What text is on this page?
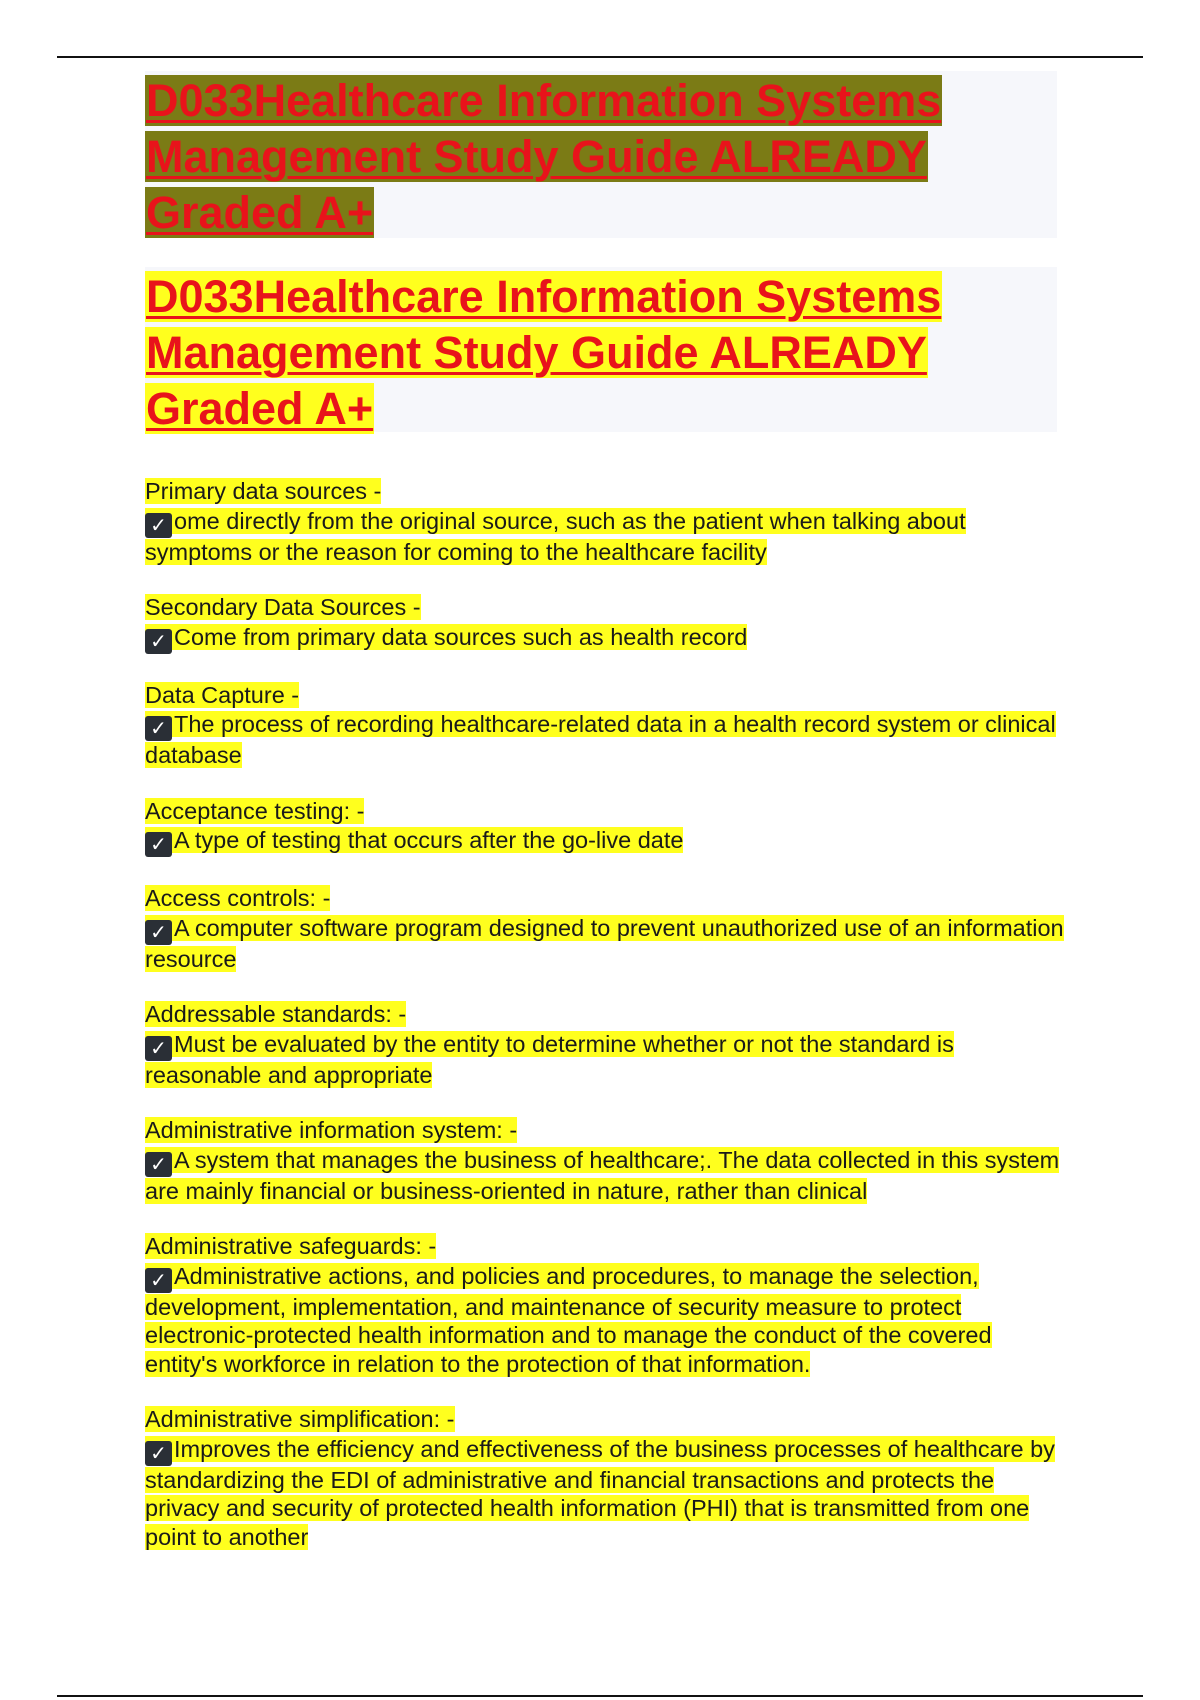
D033Healthcare Information Systems
Management Study Guide ALREADY
Graded A+
D033Healthcare Information Systems
Management Study Guide ALREADY
Graded A+
Primary data sources -
✓ ome directly from the original source, such as the patient when talking about symptoms or the reason for coming to the healthcare facility
Secondary Data Sources -
✓ Come from primary data sources such as health record
Data Capture -
✓ The process of recording healthcare-related data in a health record system or clinical database
Acceptance testing: -
✓ A type of testing that occurs after the go-live date
Access controls: -
✓ A computer software program designed to prevent unauthorized use of an information resource
Addressable standards: -
✓ Must be evaluated by the entity to determine whether or not the standard is reasonable and appropriate
Administrative information system: -
✓ A system that manages the business of healthcare;. The data collected in this system are mainly financial or business-oriented in nature, rather than clinical
Administrative safeguards: -
✓ Administrative actions, and policies and procedures, to manage the selection, development, implementation, and maintenance of security measure to protect electronic-protected health information and to manage the conduct of the covered entity's workforce in relation to the protection of that information.
Administrative simplification: -
✓ Improves the efficiency and effectiveness of the business processes of healthcare by standardizing the EDI of administrative and financial transactions and protects the privacy and security of protected health information (PHI) that is transmitted from one point to another
